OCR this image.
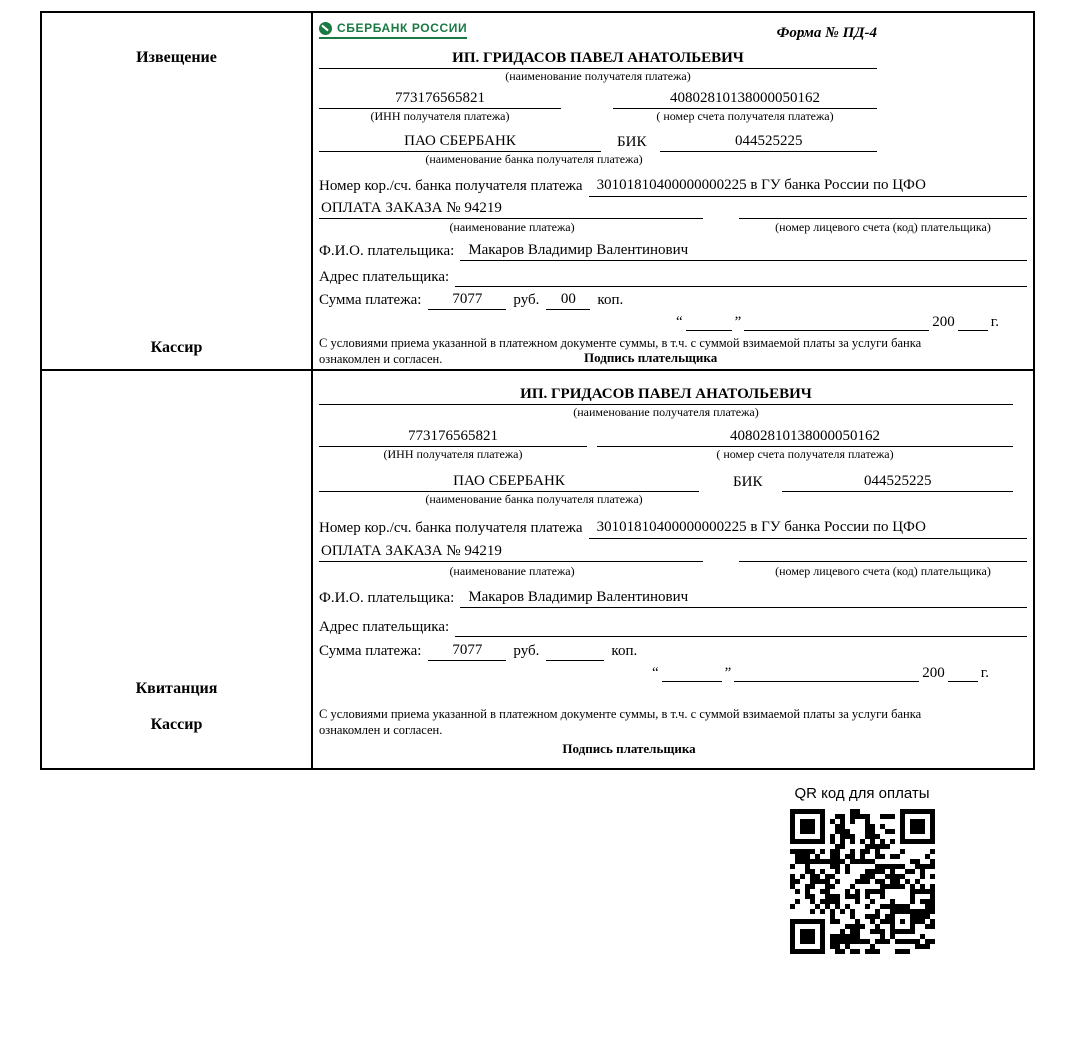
Извещение
Кассир
СБЕРБАНК РОССИИ	Форма № ПД-4
ИП. ГРИДАСОВ ПАВЕЛ АНАТОЛЬЕВИЧ
(наименование получателя платежа)
773176565821	40802810138000050162
(ИНН получателя платежа)	( номер счета получателя платежа)
ПАО СБЕРБАНК	БИК	044525225
(наименование банка получателя платежа)
Номер кор./сч. банка получателя платежа 30101810400000000225 в ГУ банка России по ЦФО
ОПЛАТА ЗАКАЗА № 94219
(наименование платежа)	(номер лицевого счета (код) плательщика)
Ф.И.О. плательщика: Макаров Владимир Валентинович
Адрес плательщика:
Сумма платежа:	7077	руб.	00	коп.
“	”	200 г.
С условиями приема указанной в платежном документе суммы, в т.ч. с суммой взимаемой платы за услуги банка ознакомлен и согласен.	Подпись плательщика
Квитанция
Кассир
ИП. ГРИДАСОВ ПАВЕЛ АНАТОЛЬЕВИЧ
(наименование получателя платежа)
773176565821	40802810138000050162
(ИНН получателя платежа)	( номер счета получателя платежа)
ПАО СБЕРБАНК	БИК	044525225
(наименование банка получателя платежа)
Номер кор./сч. банка получателя платежа 30101810400000000225 в ГУ банка России по ЦФО
ОПЛАТА ЗАКАЗА № 94219
(наименование платежа)	(номер лицевого счета (код) плательщика)
Ф.И.О. плательщика: Макаров Владимир Валентинович
Адрес плательщика:
Сумма платежа:	7077	руб.	коп.
“	”	200 г.
С условиями приема указанной в платежном документе суммы, в т.ч. с суммой взимаемой платы за услуги банка ознакомлен и согласен.
Подпись плательщика
QR код для оплаты
